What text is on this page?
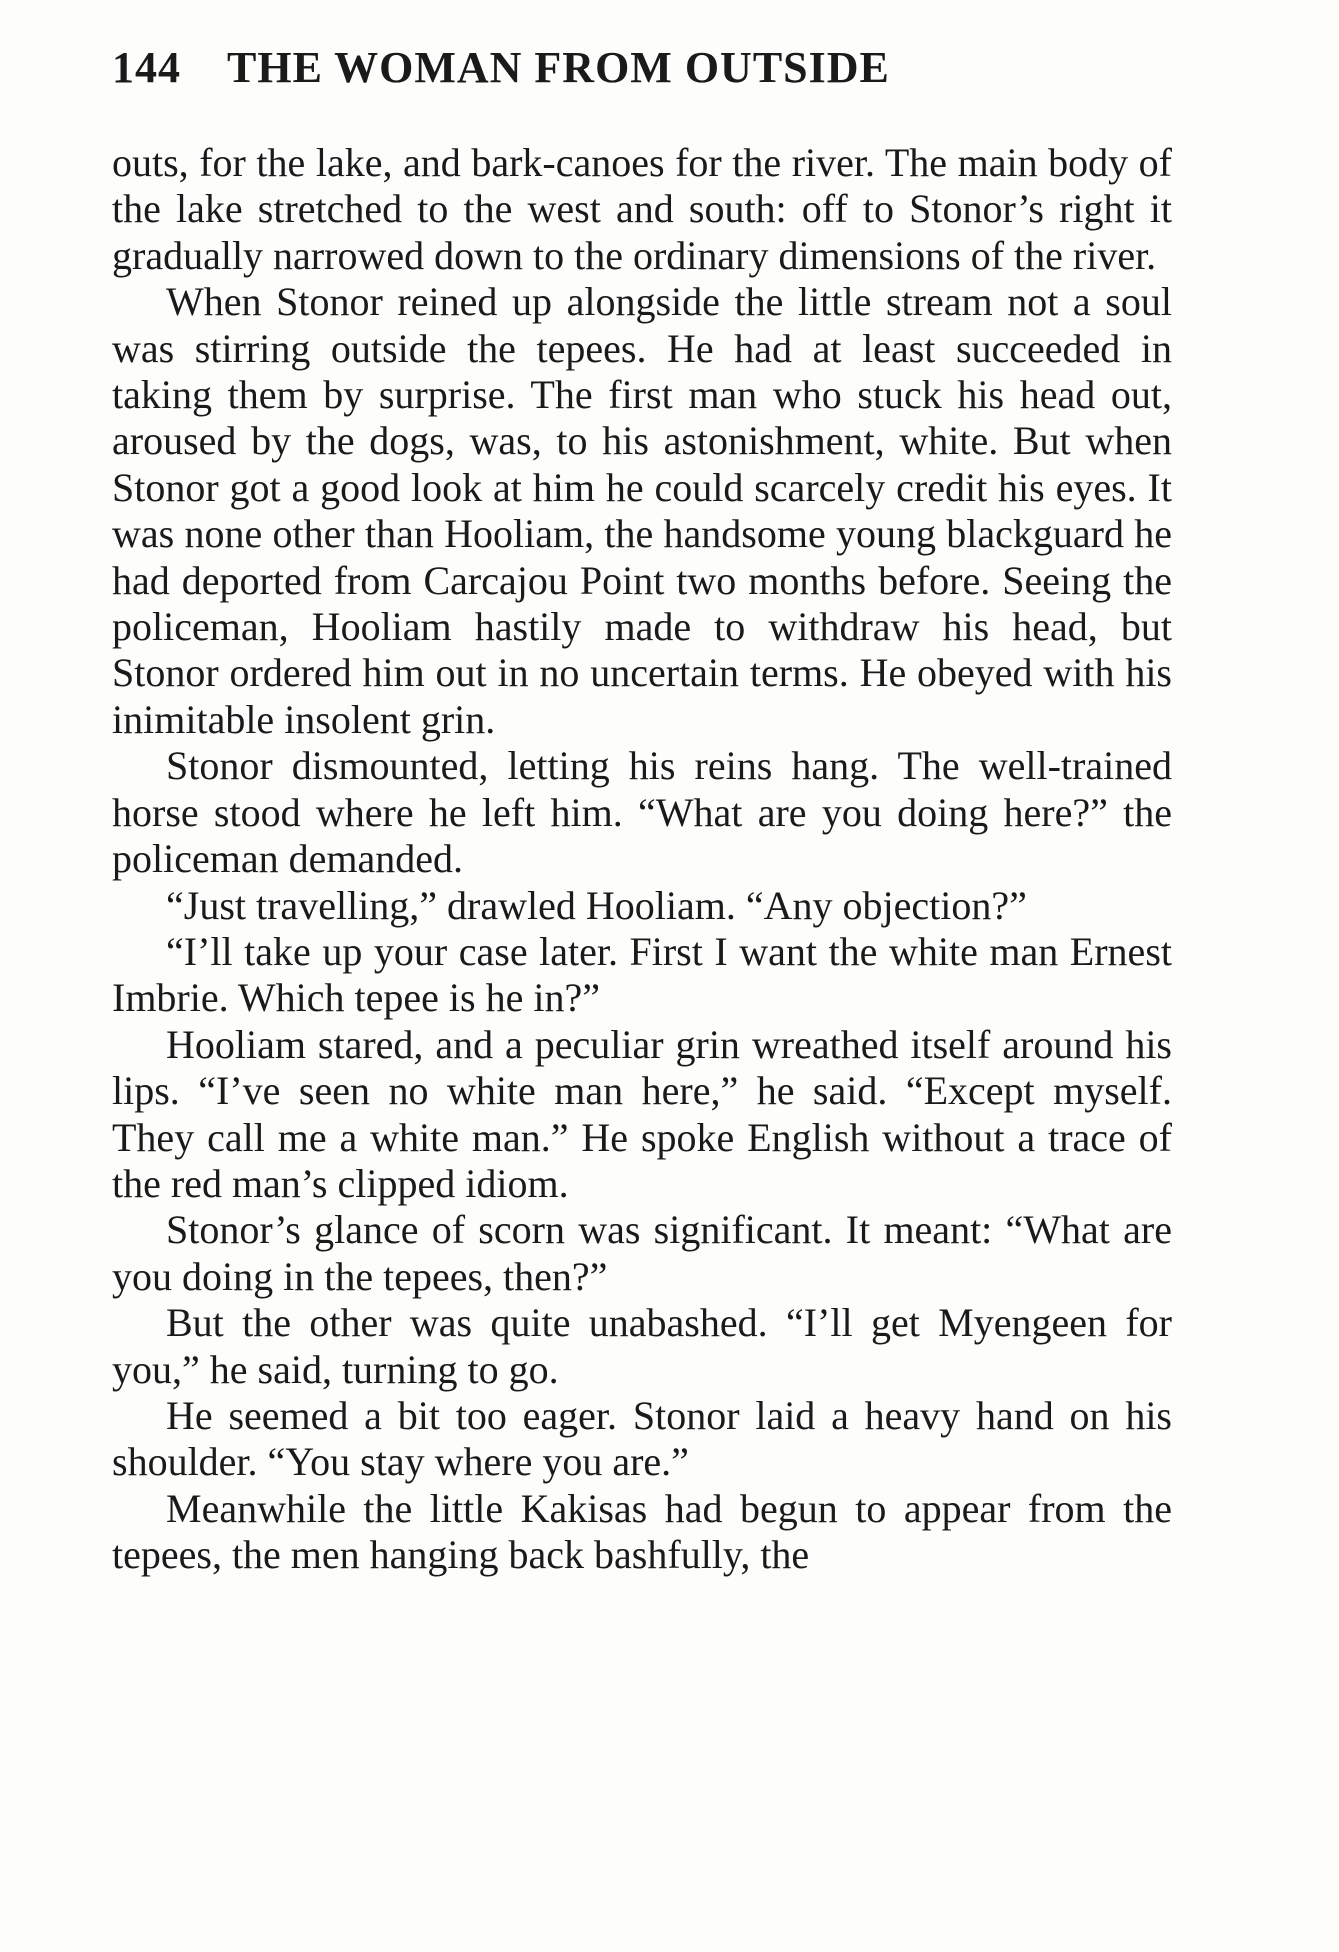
144 THE WOMAN FROM OUTSIDE

outs, for the lake, and bark-canoes for the river. The main body of the lake stretched to the west and south: off to Stonor’s right it gradually narrowed down to the ordinary dimensions of the river.

When Stonor reined up alongside the little stream not a soul was stirring outside the tepees. He had at least succeeded in taking them by surprise. The first man who stuck his head out, aroused by the dogs, was, to his astonishment, white. But when Stonor got a good look at him he could scarcely credit his eyes. It was none other than Hooliam, the handsome young blackguard he had deported from Carcajou Point two months before. Seeing the policeman, Hooliam hastily made to withdraw his head, but Stonor ordered him out in no uncertain terms. He obeyed with his inimitable insolent grin.

Stonor dismounted, letting his reins hang. The well-trained horse stood where he left him. “What are you doing here?” the policeman demanded.

“Just travelling,” drawled Hooliam. “Any objection?”

“I’ll take up your case later. First I want the white man Ernest Imbrie. Which tepee is he in?”

Hooliam stared, and a peculiar grin wreathed itself around his lips. “I’ve seen no white man here,” he said. “Except myself. They call me a white man.” He spoke English without a trace of the red man’s clipped idiom.

Stonor’s glance of scorn was significant. It meant: “What are you doing in the tepees, then?”

But the other was quite unabashed. “I’ll get Myengeen for you,” he said, turning to go.

He seemed a bit too eager. Stonor laid a heavy hand on his shoulder. “You stay where you are.”

Meanwhile the little Kakisas had begun to appear from the tepees, the men hanging back bashfully, the
